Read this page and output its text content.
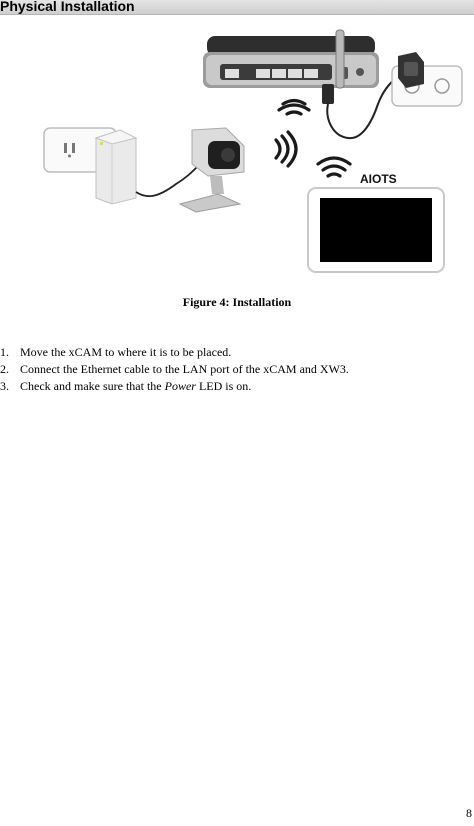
Physical Installation
AIOTS
Figure 4: Installation
1. Move the xCAM to where it is to be placed.
2. Connect the Ethernet cable to the LAN port of the xCAM and XW3.
3. Check and make sure that the Power LED is on.
8
